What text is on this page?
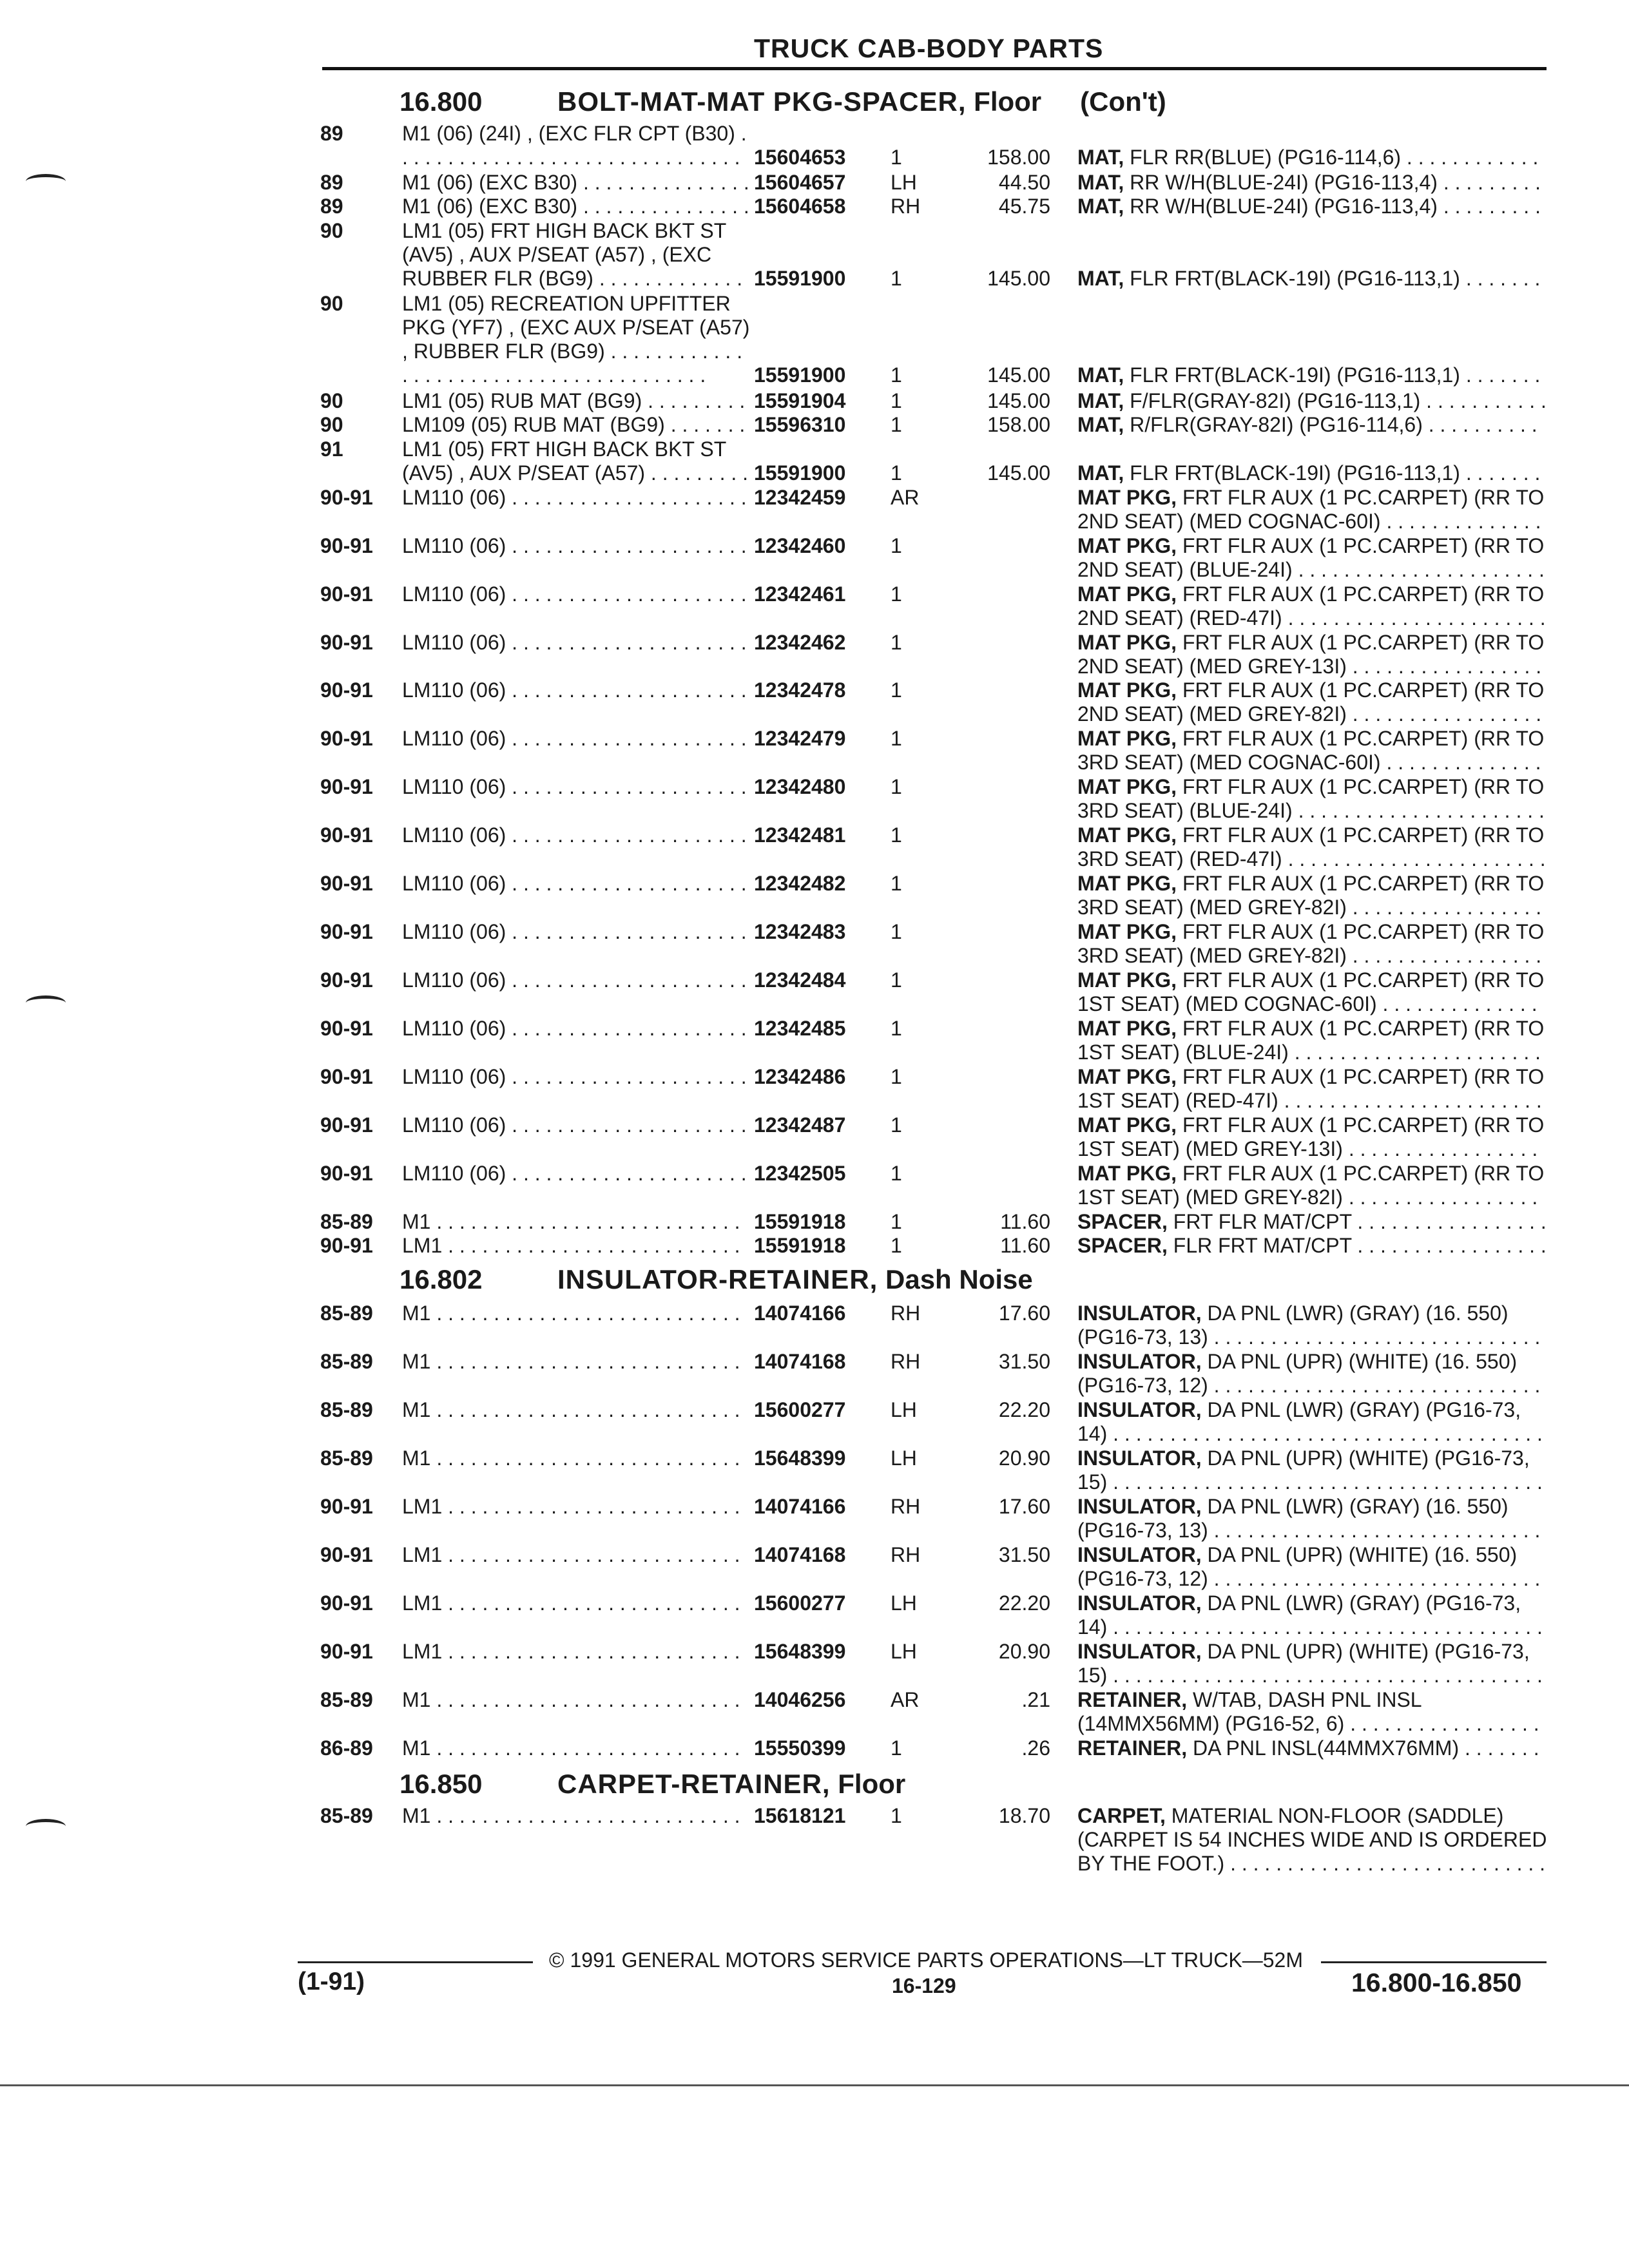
TRUCK CAB-BODY PARTS
16.800	BOLT-MAT-MAT PKG-SPACER, Floor (Con't)
16.802	INSULATOR-RETAINER, Dash Noise
16.850	CARPET-RETAINER, Floor
89	M1 (06) (24I) , (EXC FLR CPT (B30) . . . . . . . . . . . . . . . . . . . . . . . . . . . . . . . 15604653 1	158.00 MAT, FLR RR(BLUE) (PG16-114,6) . . . . . . . . . . . .
89	M1 (06) (EXC B30) . . . . . . . . . . . . . . . 15604657 LH	44.50 MAT, RR W/H(BLUE-24I) (PG16-113,4) . . . . . . . . .
89	M1 (06) (EXC B30) . . . . . . . . . . . . . . . 15604658 RH	45.75 MAT, RR W/H(BLUE-24I) (PG16-113,4) . . . . . . . . .
90	LM1 (05) FRT HIGH BACK BKT ST (AV5) , AUX P/SEAT (A57) , (EXC RUBBER FLR (BG9) . . . . . . . . . . . . . 15591900 1	145.00 MAT, FLR FRT(BLACK-19I) (PG16-113,1) . . . . . . .
90	LM1 (05) RECREATION UPFITTER PKG (YF7) , (EXC AUX P/SEAT (A57) , RUBBER FLR (BG9) . . . . . . . . . . . . . . . . . . . . . . . . . . . . . . . . . . . . . . .	15591900 1	145.00 MAT, FLR FRT(BLACK-19I) (PG16-113,1) . . . . . . .
90	LM1 (05) RUB MAT (BG9) . . . . . . . . . 15591904 1	145.00 MAT, F/FLR(GRAY-82I) (PG16-113,1) . . . . . . . . . . .
90	LM109 (05) RUB MAT (BG9) . . . . . . . 15596310 1	158.00 MAT, R/FLR(GRAY-82I) (PG16-114,6) . . . . . . . . . .
91	LM1 (05) FRT HIGH BACK BKT ST (AV5) , AUX P/SEAT (A57) . . . . . . . . . 15591900 1	145.00 MAT, FLR FRT(BLACK-19I) (PG16-113,1) . . . . . . .
90-91 LM110 (06) . . . . . . . . . . . . . . . . . . . . . 12342459 AR	MAT PKG, FRT FLR AUX (1 PC.CARPET) (RR TO 2ND SEAT) (MED COGNAC-60I) . . . . . . . . . . . . . .
90-91 LM110 (06) . . . . . . . . . . . . . . . . . . . . . 12342460 1	MAT PKG, FRT FLR AUX (1 PC.CARPET) (RR TO 2ND SEAT) (BLUE-24I) . . . . . . . . . . . . . . . . . . . . . .
90-91 LM110 (06) . . . . . . . . . . . . . . . . . . . . . 12342461 1	MAT PKG, FRT FLR AUX (1 PC.CARPET) (RR TO 2ND SEAT) (RED-47I) . . . . . . . . . . . . . . . . . . . . . . .
90-91 LM110 (06) . . . . . . . . . . . . . . . . . . . . . 12342462 1	MAT PKG, FRT FLR AUX (1 PC.CARPET) (RR TO 2ND SEAT) (MED GREY-13I) . . . . . . . . . . . . . . . . .
90-91 LM110 (06) . . . . . . . . . . . . . . . . . . . . . 12342478 1	MAT PKG, FRT FLR AUX (1 PC.CARPET) (RR TO 2ND SEAT) (MED GREY-82I) . . . . . . . . . . . . . . . . .
90-91 LM110 (06) . . . . . . . . . . . . . . . . . . . . . 12342479 1	MAT PKG, FRT FLR AUX (1 PC.CARPET) (RR TO 3RD SEAT) (MED COGNAC-60I) . . . . . . . . . . . . . .
90-91 LM110 (06) . . . . . . . . . . . . . . . . . . . . . 12342480 1	MAT PKG, FRT FLR AUX (1 PC.CARPET) (RR TO 3RD SEAT) (BLUE-24I) . . . . . . . . . . . . . . . . . . . . . .
90-91 LM110 (06) . . . . . . . . . . . . . . . . . . . . . 12342481 1	MAT PKG, FRT FLR AUX (1 PC.CARPET) (RR TO 3RD SEAT) (RED-47I) . . . . . . . . . . . . . . . . . . . . . . .
90-91 LM110 (06) . . . . . . . . . . . . . . . . . . . . . 12342482 1	MAT PKG, FRT FLR AUX (1 PC.CARPET) (RR TO 3RD SEAT) (MED GREY-82I) . . . . . . . . . . . . . . . . .
90-91 LM110 (06) . . . . . . . . . . . . . . . . . . . . . 12342483 1	MAT PKG, FRT FLR AUX (1 PC.CARPET) (RR TO 3RD SEAT) (MED GREY-82I) . . . . . . . . . . . . . . . . .
90-91 LM110 (06) . . . . . . . . . . . . . . . . . . . . . 12342484 1	MAT PKG, FRT FLR AUX (1 PC.CARPET) (RR TO 1ST SEAT) (MED COGNAC-60I) . . . . . . . . . . . . . .
90-91 LM110 (06) . . . . . . . . . . . . . . . . . . . . . 12342485 1	MAT PKG, FRT FLR AUX (1 PC.CARPET) (RR TO 1ST SEAT) (BLUE-24I) . . . . . . . . . . . . . . . . . . . . . .
90-91 LM110 (06) . . . . . . . . . . . . . . . . . . . . . 12342486 1	MAT PKG, FRT FLR AUX (1 PC.CARPET) (RR TO 1ST SEAT) (RED-47I) . . . . . . . . . . . . . . . . . . . . . . .
90-91 LM110 (06) . . . . . . . . . . . . . . . . . . . . . 12342487 1	MAT PKG, FRT FLR AUX (1 PC.CARPET) (RR TO 1ST SEAT) (MED GREY-13I) . . . . . . . . . . . . . . . . .
90-91 LM110 (06) . . . . . . . . . . . . . . . . . . . . . 12342505 1	MAT PKG, FRT FLR AUX (1 PC.CARPET) (RR TO 1ST SEAT) (MED GREY-82I) . . . . . . . . . . . . . . . . .
85-89 M1 . . . . . . . . . . . . . . . . . . . . . . . . . . . 15591918 1	11.60 SPACER, FRT FLR MAT/CPT . . . . . . . . . . . . . . . . .
90-91 LM1 . . . . . . . . . . . . . . . . . . . . . . . . . . 15591918 1	11.60 SPACER, FLR FRT MAT/CPT . . . . . . . . . . . . . . . . .
85-89 M1 . . . . . . . . . . . . . . . . . . . . . . . . . . . 14074166 RH	17.60 INSULATOR, DA PNL (LWR) (GRAY) (16. 550) (PG16-73, 13) . . . . . . . . . . . . . . . . . . . . . . . . . . . . .
85-89 M1 . . . . . . . . . . . . . . . . . . . . . . . . . . . 14074168 RH	31.50 INSULATOR, DA PNL (UPR) (WHITE) (16. 550) (PG16-73, 12) . . . . . . . . . . . . . . . . . . . . . . . . . . . . .
85-89 M1 . . . . . . . . . . . . . . . . . . . . . . . . . . . 15600277 LH	22.20 INSULATOR, DA PNL (LWR) (GRAY) (PG16-73, 14) . . . . . . . . . . . . . . . . . . . . . . . . . . . . . . . . . . . . . .
85-89 M1 . . . . . . . . . . . . . . . . . . . . . . . . . . . 15648399 LH	20.90 INSULATOR, DA PNL (UPR) (WHITE) (PG16-73, 15) . . . . . . . . . . . . . . . . . . . . . . . . . . . . . . . . . . . . . .
90-91 LM1 . . . . . . . . . . . . . . . . . . . . . . . . . . 14074166 RH	17.60 INSULATOR, DA PNL (LWR) (GRAY) (16. 550) (PG16-73, 13) . . . . . . . . . . . . . . . . . . . . . . . . . . . . .
90-91 LM1 . . . . . . . . . . . . . . . . . . . . . . . . . . 14074168 RH	31.50 INSULATOR, DA PNL (UPR) (WHITE) (16. 550) (PG16-73, 12) . . . . . . . . . . . . . . . . . . . . . . . . . . . . .
90-91 LM1 . . . . . . . . . . . . . . . . . . . . . . . . . . 15600277 LH	22.20 INSULATOR, DA PNL (LWR) (GRAY) (PG16-73, 14) . . . . . . . . . . . . . . . . . . . . . . . . . . . . . . . . . . . . . .
90-91 LM1 . . . . . . . . . . . . . . . . . . . . . . . . . . 15648399 LH	20.90 INSULATOR, DA PNL (UPR) (WHITE) (PG16-73, 15) . . . . . . . . . . . . . . . . . . . . . . . . . . . . . . . . . . . . . .
85-89 M1 . . . . . . . . . . . . . . . . . . . . . . . . . . . 14046256 AR	.21 RETAINER, W/TAB, DASH PNL INSL (14MMX56MM) (PG16-52, 6) . . . . . . . . . . . . . . . . .
86-89 M1 . . . . . . . . . . . . . . . . . . . . . . . . . . . 15550399 1	.26 RETAINER, DA PNL INSL(44MMX76MM) . . . . . . .
85-89 M1 . . . . . . . . . . . . . . . . . . . . . . . . . . . 15618121 1	18.70 CARPET, MATERIAL NON-FLOOR (SADDLE) (CARPET IS 54 INCHES WIDE AND IS ORDERED BY THE FOOT.) . . . . . . . . . . . . . . . . . . . . . . . . . . . .
© 1991 GENERAL MOTORS SERVICE PARTS OPERATIONS—LT TRUCK—52M
(1-91)	16-129	16.800-16.850
